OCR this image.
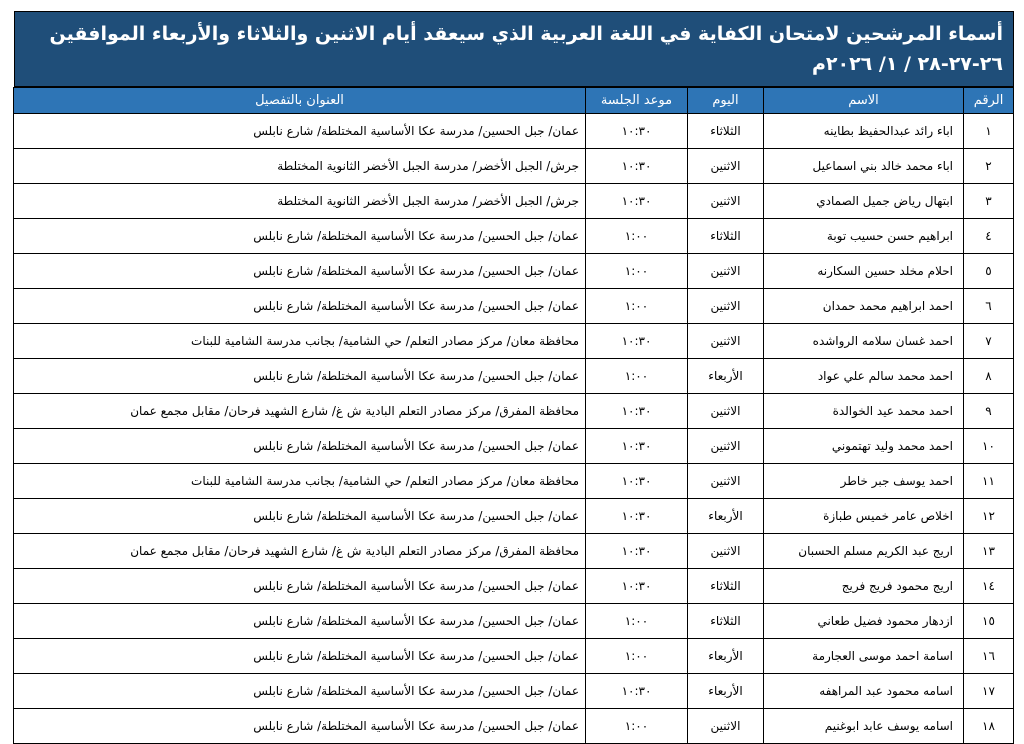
أسماء المرشحين لامتحان الكفاية في اللغة العربية الذي سيعقد أيام الاثنين والثلاثاء والأربعاء الموافقين
٢٦-٢٧-٢٨ / ١/ ٢٠٢٦م
الرقم	الاسم	اليوم	موعد الجلسة	العنوان بالتفصيل
١	اباء رائد عبدالحفيظ بطاينه	الثلاثاء	١٠:٣٠	عمان/ جبل الحسين/ مدرسة عكا الأساسية المختلطة/ شارع نابلس
٢	اباء محمد خالد بني اسماعيل	الاثنين	١٠:٣٠	جرش/ الجبل الأخضر/ مدرسة الجبل الأخضر الثانوية المختلطة
٣	ابتهال رياض جميل الصمادي	الاثنين	١٠:٣٠	جرش/ الجبل الأخضر/ مدرسة الجبل الأخضر الثانوية المختلطة
٤	ابراهيم حسن حسيب توبة	الثلاثاء	١:٠٠	عمان/ جبل الحسين/ مدرسة عكا الأساسية المختلطة/ شارع نابلس
٥	احلام مخلد حسين السكارنه	الاثنين	١:٠٠	عمان/ جبل الحسين/ مدرسة عكا الأساسية المختلطة/ شارع نابلس
٦	احمد ابراهيم محمد حمدان	الاثنين	١:٠٠	عمان/ جبل الحسين/ مدرسة عكا الأساسية المختلطة/ شارع نابلس
٧	احمد غسان سلامه الرواشده	الاثنين	١٠:٣٠	محافظة معان/ مركز مصادر التعلم/ حي الشامية/ بجانب مدرسة الشامية للبنات
٨	احمد محمد سالم علي عواد	الأربعاء	١:٠٠	عمان/ جبل الحسين/ مدرسة عكا الأساسية المختلطة/ شارع نابلس
٩	احمد محمد عيد الخوالدة	الاثنين	١٠:٣٠	محافظة المفرق/ مركز مصادر التعلم البادية ش غ/ شارع الشهيد فرحان/ مقابل مجمع عمان
١٠	احمد محمد وليد تهتموني	الاثنين	١٠:٣٠	عمان/ جبل الحسين/ مدرسة عكا الأساسية المختلطة/ شارع نابلس
١١	احمد يوسف جبر خاطر	الاثنين	١٠:٣٠	محافظة معان/ مركز مصادر التعلم/ حي الشامية/ بجانب مدرسة الشامية للبنات
١٢	اخلاص عامر خميس طبازة	الأربعاء	١٠:٣٠	عمان/ جبل الحسين/ مدرسة عكا الأساسية المختلطة/ شارع نابلس
١٣	اريج عبد الكريم مسلم الحسبان	الاثنين	١٠:٣٠	محافظة المفرق/ مركز مصادر التعلم البادية ش غ/ شارع الشهيد فرحان/ مقابل مجمع عمان
١٤	اريج محمود فريج فريج	الثلاثاء	١٠:٣٠	عمان/ جبل الحسين/ مدرسة عكا الأساسية المختلطة/ شارع نابلس
١٥	ازدهار محمود فضيل طعاني	الثلاثاء	١:٠٠	عمان/ جبل الحسين/ مدرسة عكا الأساسية المختلطة/ شارع نابلس
١٦	اسامة احمد موسى العجارمة	الأربعاء	١:٠٠	عمان/ جبل الحسين/ مدرسة عكا الأساسية المختلطة/ شارع نابلس
١٧	اسامه محمود عبد المراهفه	الأربعاء	١٠:٣٠	عمان/ جبل الحسين/ مدرسة عكا الأساسية المختلطة/ شارع نابلس
١٨	اسامه يوسف عابد ابوغنيم	الاثنين	١:٠٠	عمان/ جبل الحسين/ مدرسة عكا الأساسية المختلطة/ شارع نابلس
